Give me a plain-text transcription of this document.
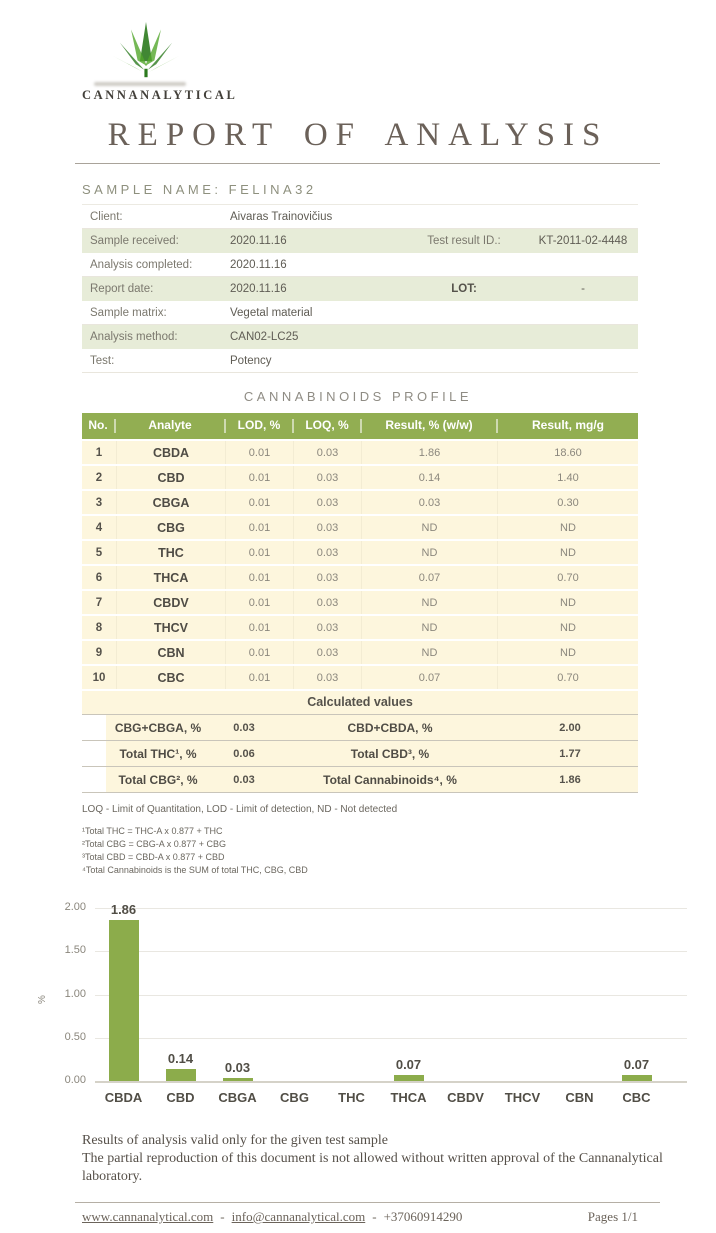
CANNANALYTICAL
REPORT OF ANALYSIS
SAMPLE NAME: FELINA32
Client:	Aivaras Trainovičius
Sample received:	2020.11.16	Test result ID.:	KT-2011-02-4448
Analysis completed:	2020.11.16
Report date:	2020.11.16	LOT:	-
Sample matrix:	Vegetal material
Analysis method:	CAN02-LC25
Test:	Potency
CANNABINOIDS PROFILE
No.	Analyte	LOD, %	LOQ, %	Result, % (w/w)	Result, mg/g
1	CBDA	0.01	0.03	1.86	18.60
2	CBD	0.01	0.03	0.14	1.40
3	CBGA	0.01	0.03	0.03	0.30
4	CBG	0.01	0.03	ND	ND
5	THC	0.01	0.03	ND	ND
6	THCA	0.01	0.03	0.07	0.70
7	CBDV	0.01	0.03	ND	ND
8	THCV	0.01	0.03	ND	ND
9	CBN	0.01	0.03	ND	ND
10	CBC	0.01	0.03	0.07	0.70
Calculated values
CBG+CBGA, %	0.03	CBD+CBDA, %	2.00
Total THC¹, %	0.06	Total CBD³, %	1.77
Total CBG², %	0.03	Total Cannabinoids⁴, %	1.86

LOQ - Limit of Quantitation, LOD - Limit of detection, ND - Not detected

¹Total THC = THC-A x 0.877 + THC

²Total CBG = CBG-A x 0.877 + CBG

³Total CBD = CBD-A x 0.877 + CBD

⁴Total Cannabinoids is the SUM of total THC, CBG, CBD

0.00
0.50
1.00
1.50
2.00
%
1.86
CBDA
0.14
CBD
0.03
CBGA	CBG	THC
0.07
THCA	CBDV	THCV	CBN
0.07
CBC
Results of analysis valid only for the given test sample
The partial reproduction of this document is not allowed without written approval of the Cannanalytical laboratory.
www.cannanalytical.com - info@cannanalytical.com - +37060914290	Pages 1/1
